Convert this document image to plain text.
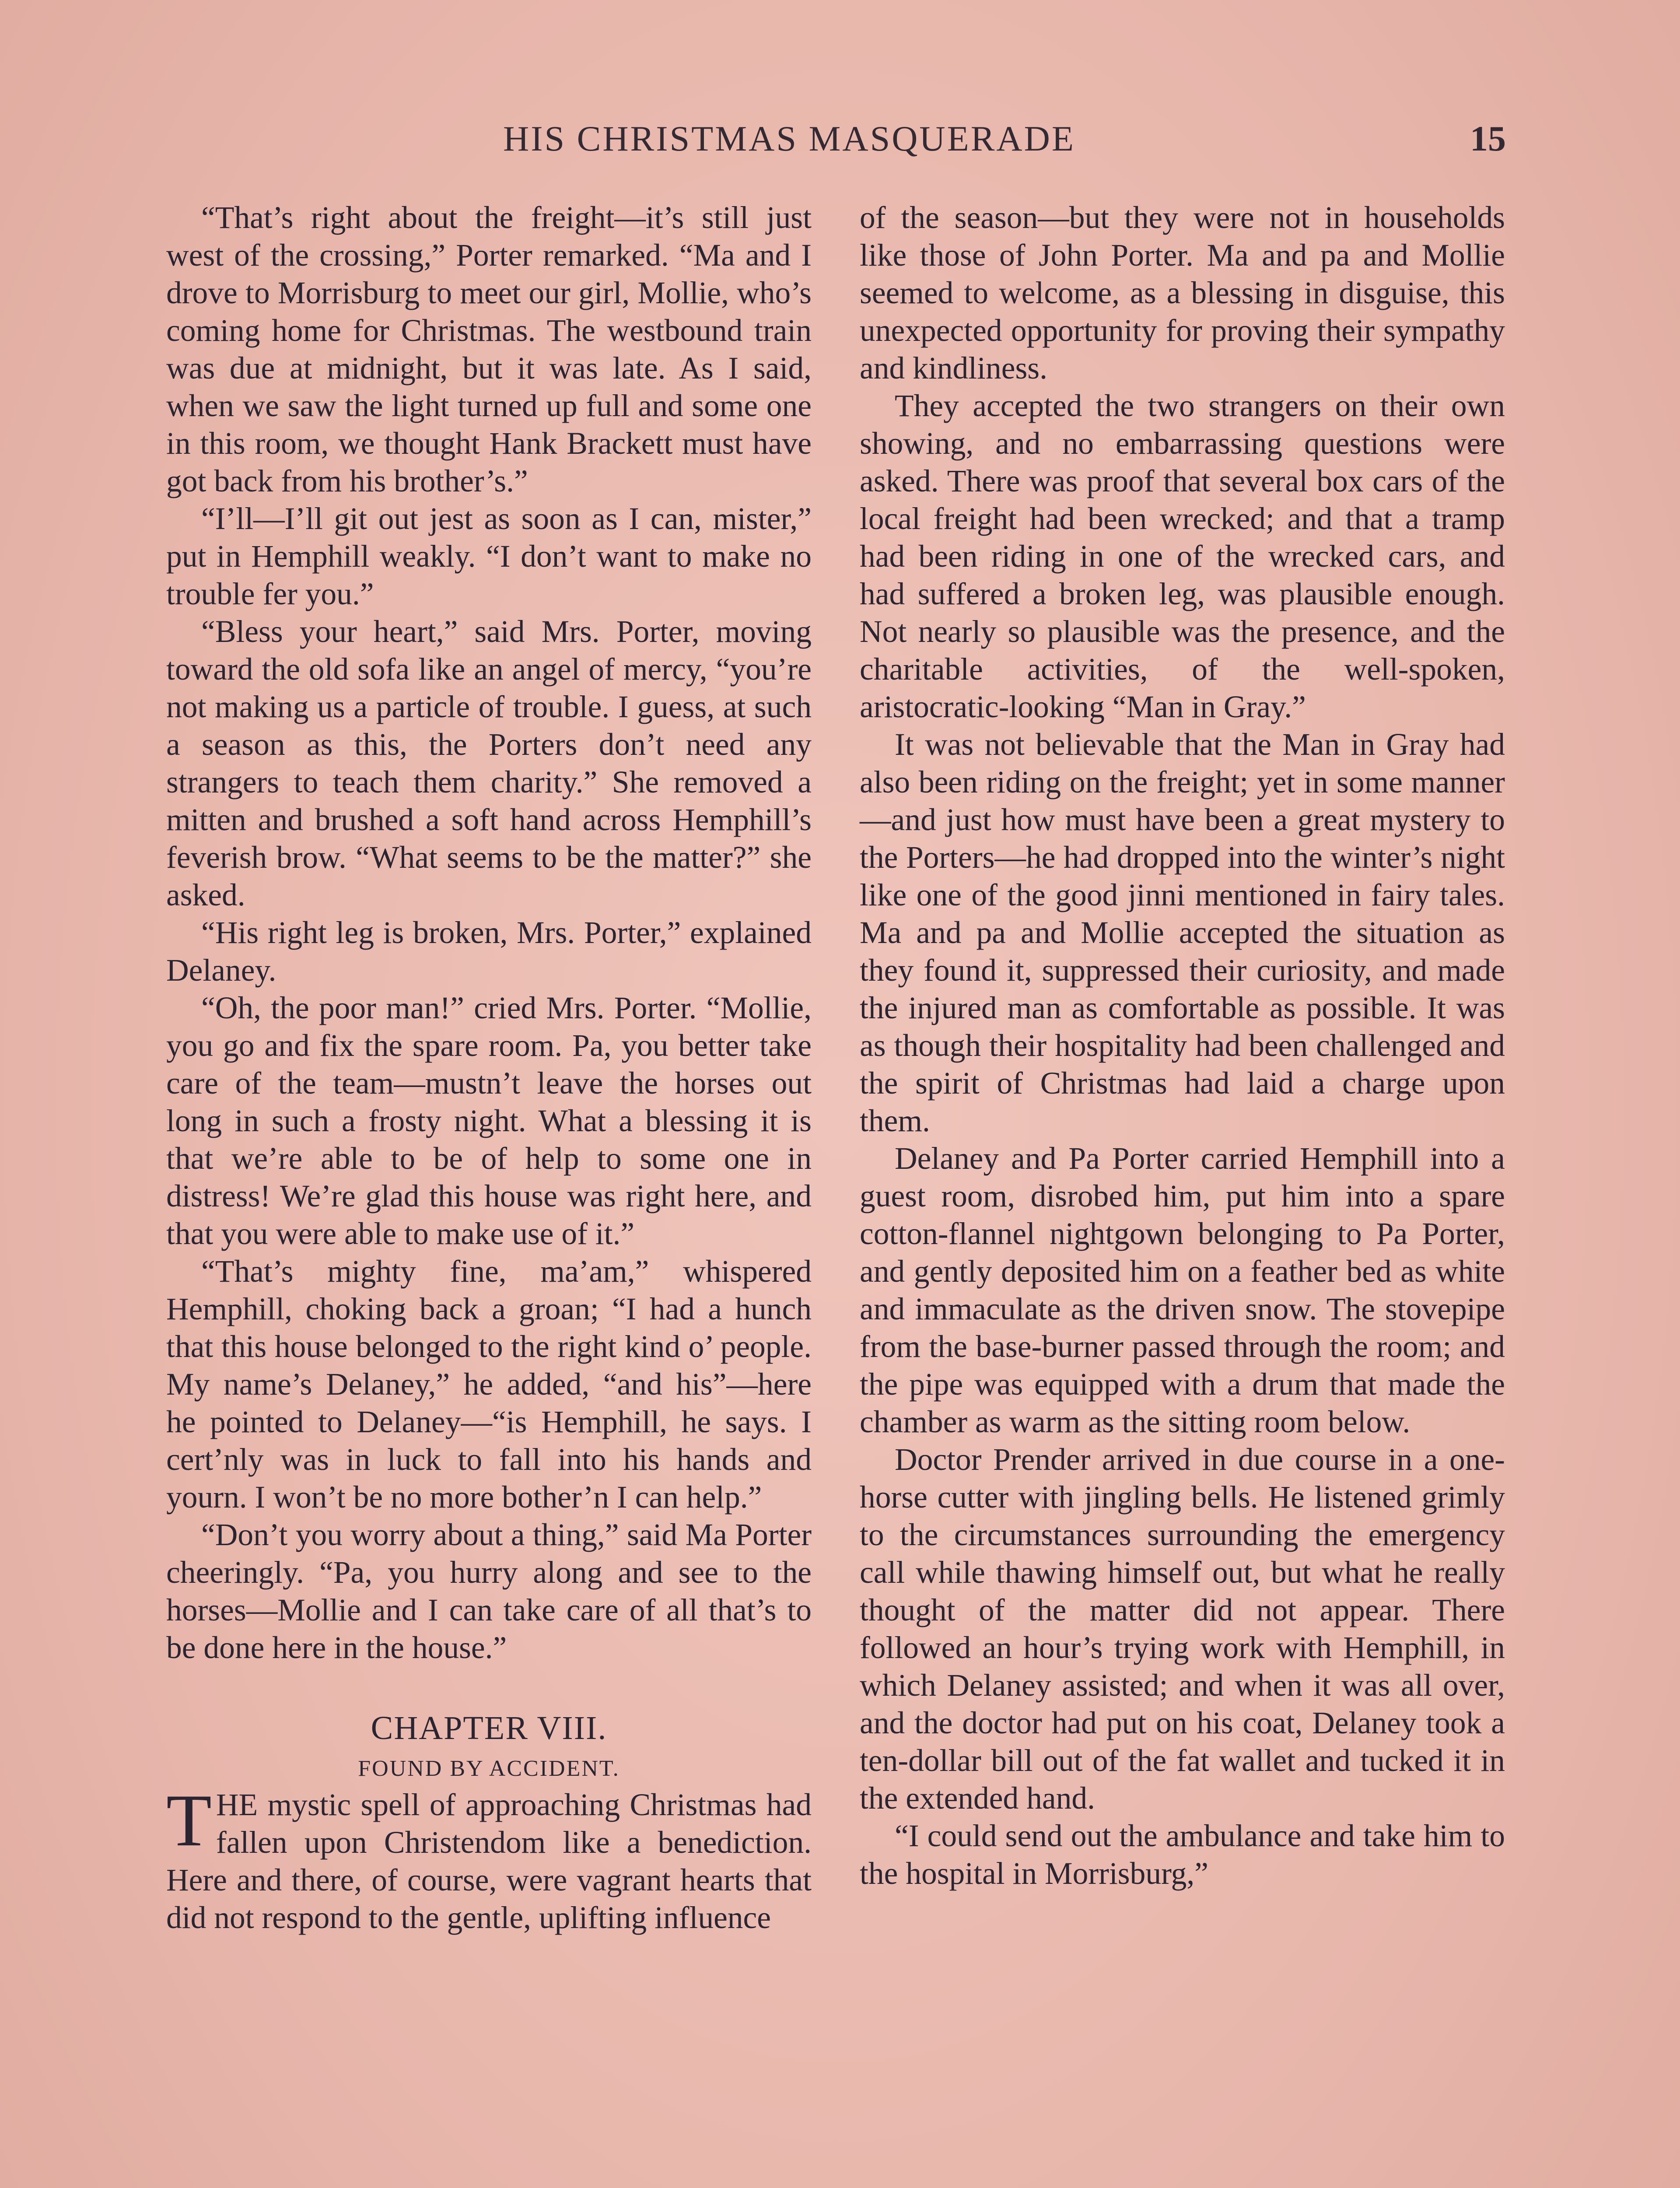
HIS CHRISTMAS MASQUERADE	15

“That’s right about the freight—it’s still just west of the crossing,” Porter remarked. “Ma and I drove to Morrisburg to meet our girl, Mollie, who’s coming home for Christmas. The westbound train was due at midnight, but it was late. As I said, when we saw the light turned up full and some one in this room, we thought Hank Brackett must have got back from his brother’s.”

“I’ll—I’ll git out jest as soon as I can, mister,” put in Hemphill weakly. “I don’t want to make no trouble fer you.”

“Bless your heart,” said Mrs. Porter, moving toward the old sofa like an angel of mercy, “you’re not making us a particle of trouble. I guess, at such a season as this, the Porters don’t need any strangers to teach them charity.” She removed a mitten and brushed a soft hand across Hemphill’s feverish brow. “What seems to be the matter?” she asked.

“His right leg is broken, Mrs. Porter,” explained Delaney.

“Oh, the poor man!” cried Mrs. Porter. “Mollie, you go and fix the spare room. Pa, you better take care of the team—mustn’t leave the horses out long in such a frosty night. What a blessing it is that we’re able to be of help to some one in distress! We’re glad this house was right here, and that you were able to make use of it.”

“That’s mighty fine, ma’am,” whispered Hemphill, choking back a groan; “I had a hunch that this house belonged to the right kind o’ people. My name’s Delaney,” he added, “and his”—here he pointed to Delaney—“is Hemphill, he says. I cert’nly was in luck to fall into his hands and yourn. I won’t be no more bother’n I can help.”

“Don’t you worry about a thing,” said Ma Porter cheeringly. “Pa, you hurry along and see to the horses—Mollie and I can take care of all that’s to be done here in the house.”

CHAPTER VIII.
FOUND BY ACCIDENT.

THE mystic spell of approaching Christmas had fallen upon Christendom like a benediction. Here and there, of course, were vagrant hearts that did not respond to the gentle, uplifting influence

of the season—but they were not in households like those of John Porter. Ma and pa and Mollie seemed to welcome, as a blessing in disguise, this unexpected opportunity for proving their sympathy and kindliness.

They accepted the two strangers on their own showing, and no embarrassing questions were asked. There was proof that several box cars of the local freight had been wrecked; and that a tramp had been riding in one of the wrecked cars, and had suffered a broken leg, was plausible enough. Not nearly so plausible was the presence, and the charitable activities, of the well-spoken, aristocratic-looking “Man in Gray.”

It was not believable that the Man in Gray had also been riding on the freight; yet in some manner—and just how must have been a great mystery to the Porters—he had dropped into the winter’s night like one of the good jinni mentioned in fairy tales. Ma and pa and Mollie accepted the situation as they found it, suppressed their curiosity, and made the injured man as comfortable as possible. It was as though their hospitality had been challenged and the spirit of Christmas had laid a charge upon them.

Delaney and Pa Porter carried Hemphill into a guest room, disrobed him, put him into a spare cotton-flannel nightgown belonging to Pa Porter, and gently deposited him on a feather bed as white and immaculate as the driven snow. The stovepipe from the base-burner passed through the room; and the pipe was equipped with a drum that made the chamber as warm as the sitting room below.

Doctor Prender arrived in due course in a one-horse cutter with jingling bells. He listened grimly to the circumstances surrounding the emergency call while thawing himself out, but what he really thought of the matter did not appear. There followed an hour’s trying work with Hemphill, in which Delaney assisted; and when it was all over, and the doctor had put on his coat, Delaney took a ten-dollar bill out of the fat wallet and tucked it in the extended hand.

“I could send out the ambulance and take him to the hospital in Morrisburg,”
